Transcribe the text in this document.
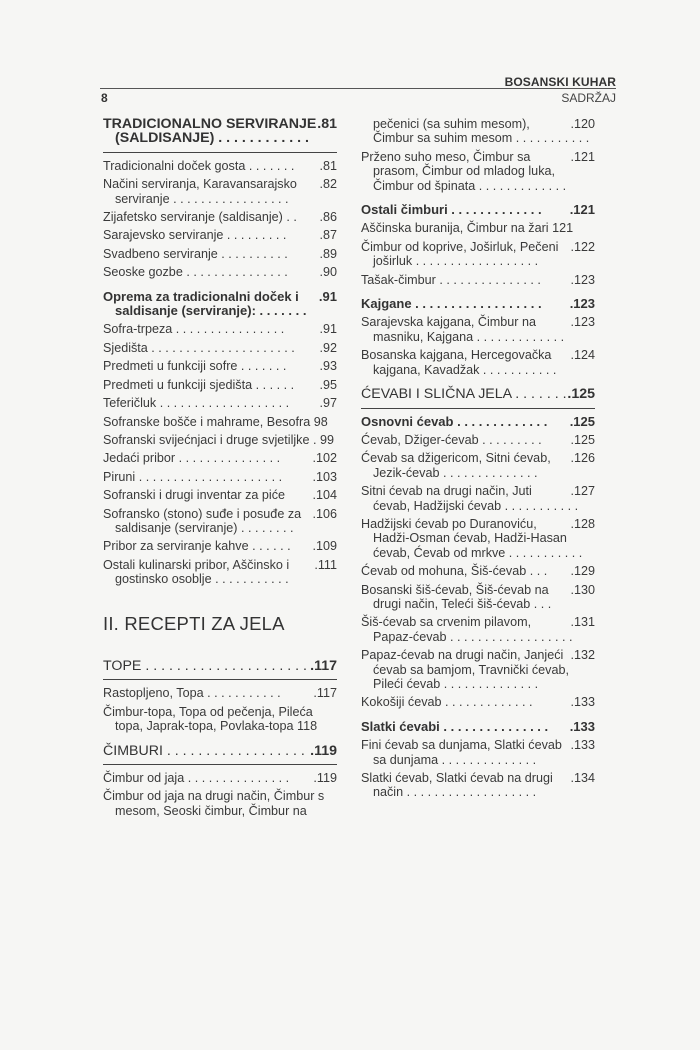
BOSANSKI KUHAR
8	SADRŽAJ
.81
TRADICIONALNO SERVIRANJE (SALDISANJE) . . . . . . . . . . . .
.81
Tradicionalni doček gosta . . . . . . .
.82
Načini serviranja, Karavansarajsko serviranje . . . . . . . . . . . . . . . . .
.86
Zijafetsko serviranje (saldisanje) . .
.87
Sarajevsko serviranje . . . . . . . . .
.89
Svadbeno serviranje . . . . . . . . . .
.90
Seoske gozbe . . . . . . . . . . . . . . .
.91
Oprema za tradicionalni doček i saldisanje (serviranje): . . . . . . .
.91
Sofra-trpeza . . . . . . . . . . . . . . . .
.92
Sjedišta . . . . . . . . . . . . . . . . . . . . .
.93
Predmeti u funkciji sofre . . . . . . .
.95
Predmeti u funkciji sjedišta . . . . . .
.97
Teferičluk . . . . . . . . . . . . . . . . . . .
Sofranske bošče i mahrame, Besofra 98
Sofranski svijećnjaci i druge svjetiljke . 99
.102
Jedaći pribor . . . . . . . . . . . . . . .
.103
Piruni . . . . . . . . . . . . . . . . . . . . .
.104
Sofranski i drugi inventar za piće
.106
Sofransko (stono) suđe i posuđe za saldisanje (serviranje) . . . . . . . .
.109
Pribor za serviranje kahve . . . . . .
.111
Ostali kulinarski pribor, Aščinsko i gostinsko osoblje . . . . . . . . . . .
II. RECEPTI ZA JELA
.117
TOPE . . . . . . . . . . . . . . . . . . . . .
.117
Rastopljeno, Topa . . . . . . . . . . .
Čimbur-topa, Topa od pečenja, Pileća topa, Japrak-topa, Povlaka-topa 118
.119
ČIMBURI . . . . . . . . . . . . . . . . . .
.119
Čimbur od jaja . . . . . . . . . . . . . . .
Čimbur od jaja na drugi način, Čimbur s mesom, Seoski čimbur, Čimbur na
.120
pečenici (sa suhim mesom), Čimbur sa suhim mesom . . . . . . . . . . .
.121
Prženo suho meso, Čimbur sa prasom, Čimbur od mladog luka, Čimbur od špinata . . . . . . . . . . . . .
.121
Ostali čimburi . . . . . . . . . . . . .
Aščinska buranija, Čimbur na žari 121
.122
Čimbur od koprive, Joširluk, Pečeni joširluk . . . . . . . . . . . . . . . . . .
.123
Tašak-čimbur . . . . . . . . . . . . . . .
.123
Kajgane . . . . . . . . . . . . . . . . . .
.123
Sarajevska kajgana, Čimbur na masniku, Kajgana . . . . . . . . . . . . .
.124
Bosanska kajgana, Hercegovačka kajgana, Kavadžak . . . . . . . . . . .
.125
ĆEVABI I SLIČNA JELA . . . . . . .
.125
Osnovni ćevab . . . . . . . . . . . . .
.125
Ćevab, Džiger-ćevab . . . . . . . . .
.126
Ćevab sa džigericom, Sitni ćevab, Jezik-ćevab . . . . . . . . . . . . . .
.127
Sitni ćevab na drugi način, Juti ćevab, Hadžijski ćevab . . . . . . . . . . .
.128
Hadžijski ćevab po Duranoviću, Hadži-Osman ćevab, Hadži-Hasan ćevab, Ćevab od mrkve . . . . . . . . . . .
.129
Ćevab od mohuna, Šiš-ćevab . . .
.130
Bosanski šiš-ćevab, Šiš-ćevab na drugi način, Teleći šiš-ćevab . . .
.131
Šiš-ćevab sa crvenim pilavom, Papaz-ćevab . . . . . . . . . . . . . . . . . .
.132
Papaz-ćevab na drugi način, Janjeći ćevab sa bamjom, Travnički ćevab, Pileći ćevab . . . . . . . . . . . . . .
.133
Kokošiji ćevab . . . . . . . . . . . . .
.133
Slatki ćevabi . . . . . . . . . . . . . . .
.133
Fini ćevab sa dunjama, Slatki ćevab sa dunjama . . . . . . . . . . . . . .
.134
Slatki ćevab, Slatki ćevab na drugi način . . . . . . . . . . . . . . . . . . .
